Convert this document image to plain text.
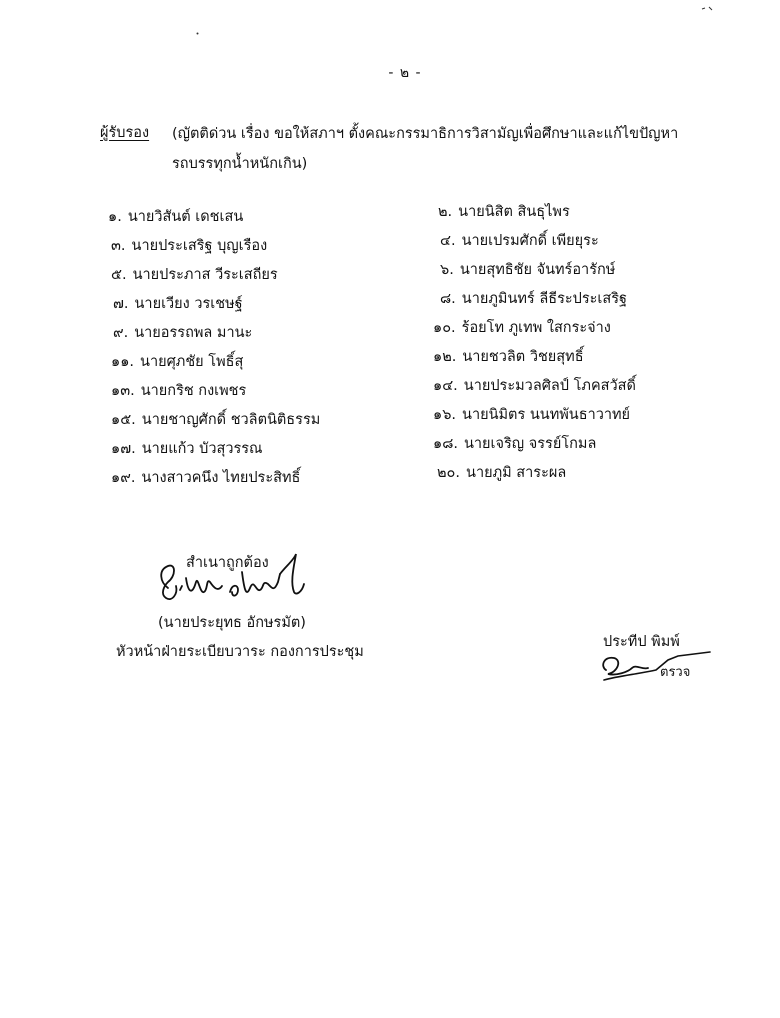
- ๒ -
ผู้รับรอง (ญัตติด่วน เรื่อง ขอให้สภาฯ ตั้งคณะกรรมาธิการวิสามัญเพื่อศึกษาและแก้ไขปัญหารถบรรทุกน้ำหนักเกิน)
๑. นายวิสันต์ เดชเสน	๒. นายนิสิต สินธุไพร
๓. นายประเสริฐ บุญเรือง	๔. นายเปรมศักดิ์ เพียยุระ
๕. นายประภาส วีระเสถียร	๖. นายสุทธิชัย จันทร์อารักษ์
๗. นายเวียง วรเชษฐ์	๘. นายภูมินทร์ ลีธีระประเสริฐ
๙. นายอรรถพล มานะ	๑๐. ร้อยโท ภูเทพ ใสกระจ่าง
๑๑. นายศุภชัย โพธิ์สุ	๑๒. นายชวลิต วิชยสุทธิ์
๑๓. นายกริช กงเพชร	๑๔. นายประมวลศิลป์ โภคสวัสดิ์
๑๕. นายชาญศักดิ์ ชวลิตนิติธรรม	๑๖. นายนิมิตร นนทพันธาวาทย์
๑๗. นายแก้ว บัวสุวรรณ	๑๘. นายเจริญ จรรย์โกมล
๑๙. นางสาวคนึง ไทยประสิทธิ์	๒๐. นายภูมิ สาระผล
สำเนาถูกต้อง
(นายประยุทธ อักษรมัต)
หัวหน้าฝ่ายระเบียบวาระ กองการประชุม
ประทีป พิมพ์
ตรวจ
